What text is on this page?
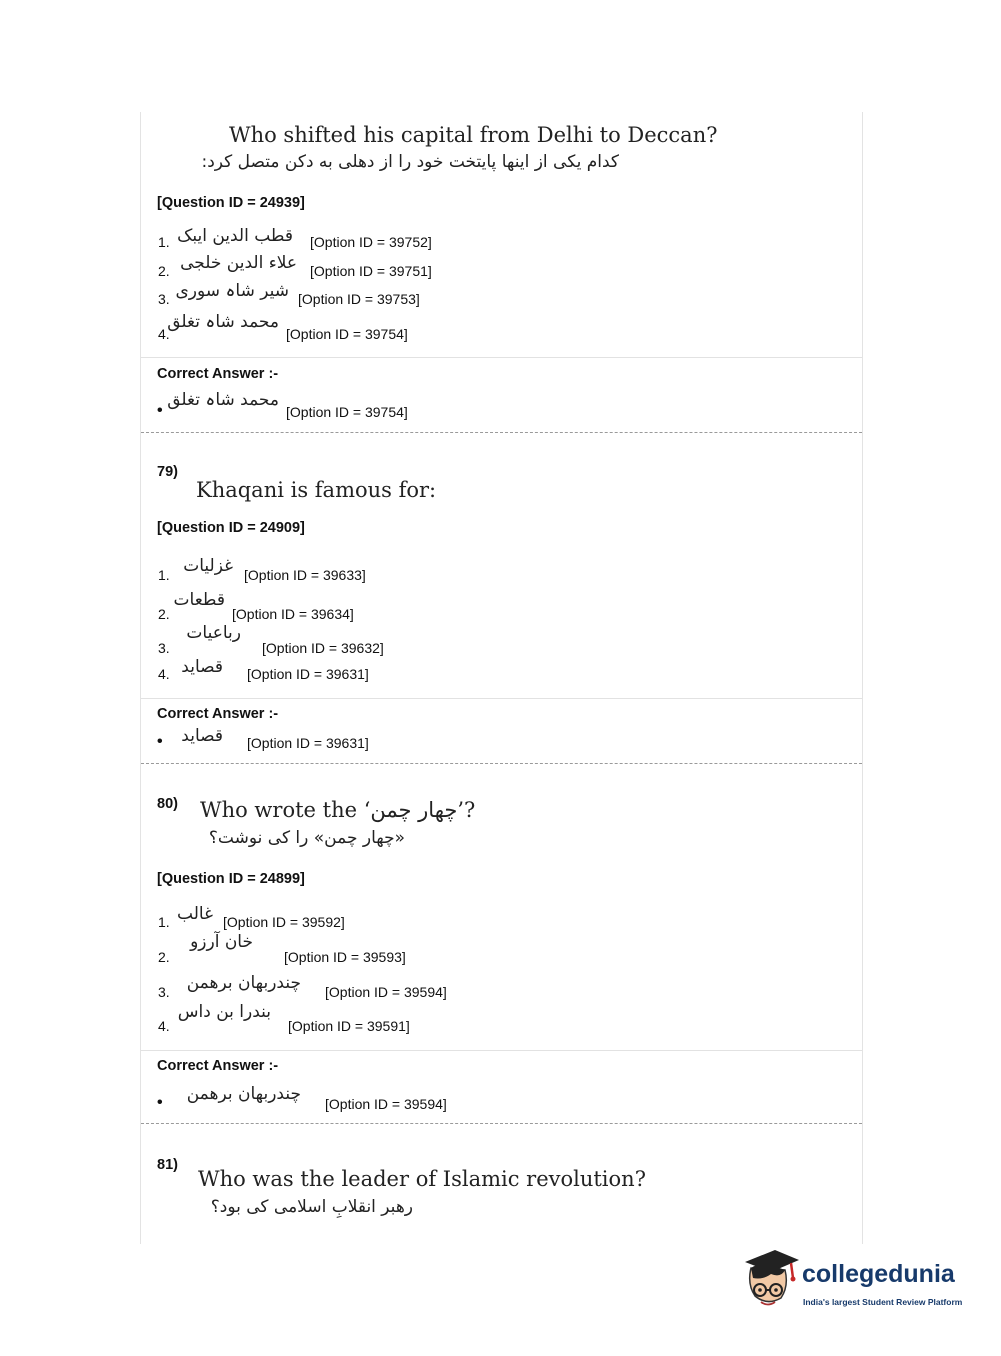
Who shifted his capital from Delhi to Deccan?
کدام یکی از اینها پایتخت خود را از دهلی به دکن متصل کرد:
[Question ID = 24939]
1. قطب الدین ایبک [Option ID = 39752]
2. علاء الدین خلجی [Option ID = 39751]
3. شیر شاہ سوری [Option ID = 39753]
4.
محمد شاہ تغلق
[Option ID = 39754]
Correct Answer :-
•
محمد شاہ تغلق
[Option ID = 39754]
79)
Khaqani is famous for:
[Question ID = 24909]
1. غزلیات [Option ID = 39633]
2.
قطعات
[Option ID = 39634]
3.
رباعیات
[Option ID = 39632]
4. قصاید [Option ID = 39631]
Correct Answer :-
•	قصاید [Option ID = 39631]
80) Who wrote the ‘چهار چمن’?
«چهار چمن» را کی نوشت؟
[Question ID = 24899]
1. غالب [Option ID = 39592]
2.
خان آرزو
[Option ID = 39593]
3.	چندربهان برهمن [Option ID = 39594]
4.
بندرا بن داس
[Option ID = 39591]
Correct Answer :-
•	چندربهان برهمن [Option ID = 39594]
81)
Who was the leader of Islamic revolution?
رهبر انقلابِ اسلامی کی بود؟
collegedunia
India's largest Student Review Platform
